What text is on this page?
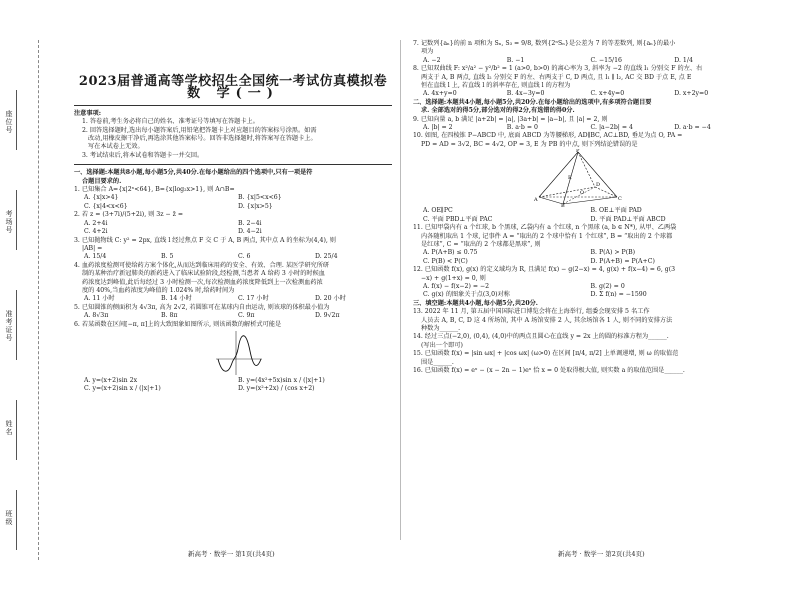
座位号
考场号
准考证号
姓名
班级
2023届普通高等学校招生全国统一考试仿真模拟卷
数 学(一)

注意事项:

1. 答卷前,考生务必将自己的姓名、准考证号等填写在答题卡上。

2. 回答选择题时,选出每小题答案后,用铅笔把答题卡上对应题目的答案标号涂黑。如需

改动,用橡皮擦干净后,再选涂其他答案标号。回答非选择题时,将答案写在答题卡上。

写在本试卷上无效。

3. 考试结束后,将本试卷和答题卡一并交回。

一、选择题:本题共8小题,每小题5分,共40分.在每小题给出的四个选项中,只有一项是符

合题目要求的.

1. 已知集合 A={x|2ˣ<64}, B={x|log₂x>1}, 则 A∩B=

A. {x|x>4}	B. {x|5<x<6}
C. {x|4<x<6}	D. {x|x>5}

2. 若 z = (3+7i)/(5+2i), 则 3z − z̄ =

A. 2+4i	B. 2−4i
C. 4+2i	D. 4−2i

3. 已知抛物线 C: y² = 2px, 直线 l 经过焦点 F 交 C 于 A, B 两点, 其中点 A 的坐标为(4,4), 则

|AB| =

A. 15/4	B. 5	C. 6	D. 25/4

4. 血药浓度检测可使给药方案个体化,从而达到临床用药的安全、有效、合理. 某医学研究所研

制的某种治疗新冠肺炎的新药进入了临床试验阶段,经检测,当患者 A 给药 3 小时的时候血

药浓度达到峰值,此后每经过 3 小时检测一次,每次检测血药浓度降低到上一次检测血药浓

度的 40%,当血药浓度为峰值的 1.024% 时,给药时间为

A. 11 小时	B. 14 小时	C. 17 小时	D. 20 小时

5. 已知圆锥的侧面积为 4√3π, 高为 2√2, 若圆锥可在某球内自由运动, 则该球的体积最小值为

A. 8√3π	B. 8π	C. 9π	D. 9√2π

6. 若某函数在区间[−π, π]上的大致图象如图所示, 则该函数的解析式可能是

A. y=(x+2)sin 2x	B. y=(4x²+5x)sin x / (|x|+1)
C. y=(x+2)sin x / (|x|+1)	D. y=(x²+2x) / (cos x+2)
新高考 · 数学一 第1页(共4页)

7. 记数列{aₙ}的前 n 项和为 Sₙ, S₃ = 9/8, 数列{2ⁿSₙ}是公差为 7 的等差数列, 则{aₙ}的最小

项为

A. −2	B. −1	C. −15/16	D. 1/4

8. 已知双曲线 F: x²/a² − y²/b² = 1 (a>0, b>0) 的离心率为 3, 斜率为 −2 的直线 l₁ 分别交 F 的左、右

两支于 A, B 两点, 直线 l₂ 分别交 F 的左、右两支于 C, D 两点, 且 l₁ ∥ l₂, AC 交 BD 于点 E, 点 E

恒在直线 l 上, 若直线 l 的斜率存在, 则直线 l 的方程为

A. 4x+y=0	B. 4x−3y=0	C. x+4y=0	D. x+2y=0

二、选择题:本题共4小题,每小题5分,共20分.在每小题给出的选项中,有多项符合题目要

求. 全部选对的得5分,部分选对的得2分,有选错的得0分.

9. 已知向量 a, b 满足 |a+2b| = |a|, |3a+b| = |a−b|, 且 |a| = 2, 则

A. |b| = 2	B. a·b = 0	C. |a−2b| = 4	D. a·b = −4

10. 如图, 在四棱锥 P−ABCD 中, 底面 ABCD 为等腰梯形, AD∥BC, AC⊥BD, 垂足为点 O, PA =

PD = AD = 3√2, BC = 4√2, OP = 3, E 为 PB 的中点, 则下列结论错误的是

P
A
B
C
D
O
E
A. OE∥PC	B. OE⊥平面 PAD
C. 平面 PBD⊥平面 PAC	D. 平面 PAD⊥平面 ABCD

11. 已知甲袋内有 a 个红球, b 个黑球, 乙袋内有 a 个红球, n 个黑球 (a, b ∈ N*), 从甲、乙两袋

内各随机取出 1 个球, 记事件 A = “取出的 2 个球中恰有 1 个红球”, B = “取出的 2 个球都

是红球”, C = “取出的 2 个球都是黑球”, 则

A. P(A+B) ≤ 0.75	B. P(A) > P(B)
C. P(B) < P(C)	D. P(A+B) = P(A+C)

12. 已知函数 f(x), g(x) 的定义域均为 R, 且满足 f(x) − g(2−x) = 4, g(x) + f(x−4) = 6, g(3

−x) + g(1+x) = 0, 则

A. f(x) − f(x−2) = −2	B. g(2) = 0
C. g(x) 的图象关于点(3,0)对称	D. Σ f(n) = −1590

三、填空题:本题共4小题,每小题5分,共20分.

13. 2022 年 11 月, 第五届中国国际进口博览会将在上海举行, 组委会现安排 5 名工作

人员去 A, B, C, D 这 4 所场馆, 其中 A 场馆安排 2 人, 其余场馆各 1 人, 则不同的安排方法

种数为______.

14. 经过三点(−2,0), (0,4), (4,0)中的两点且圆心在直线 y = 2x 上的圆的标准方程为______.

(写出一个即可)

15. 已知函数 f(x) = |sin ωx| + |cos ωx| (ω>0) 在区间 [π/4, π/2] 上单调递增, 则 ω 的取值范

围是______.

16. 已知函数 f(x) = eˣ − (x − 2n − 1)eˣ 恰 x = 0 处取得极大值, 则实数 a 的取值范围是______.

新高考 · 数学一 第2页(共4页)
